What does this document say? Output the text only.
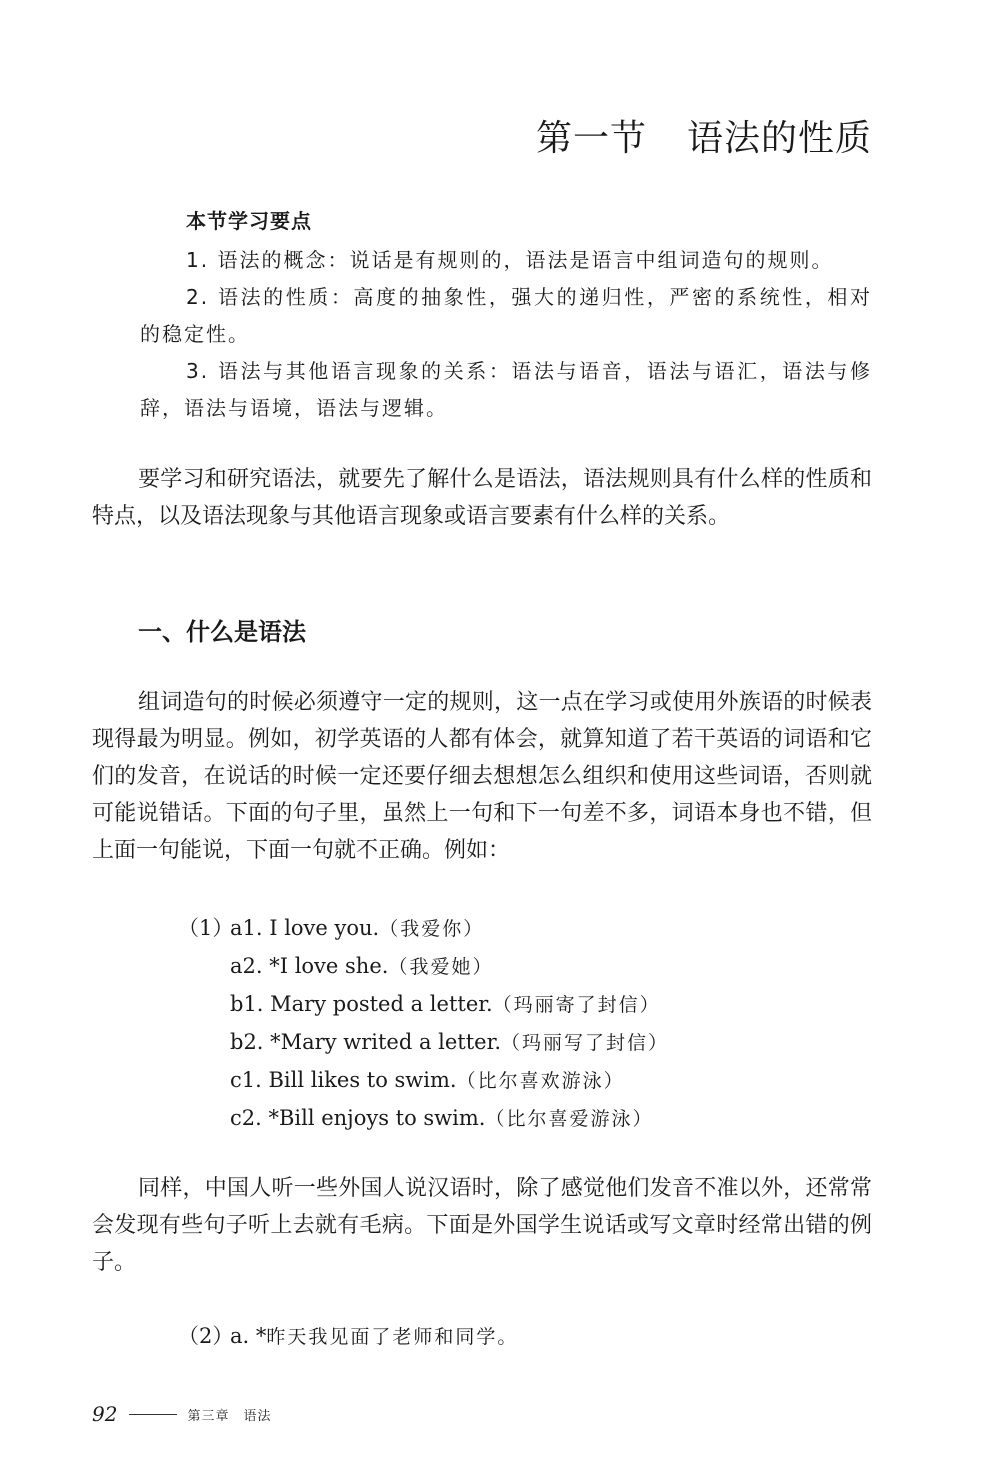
第一节 语法的性质
本节学习要点

1. 语法的概念：说话是有规则的，语法是语言中组词造句的规则。

2. 语法的性质：高度的抽象性，强大的递归性，严密的系统性，相对的稳定性。

3. 语法与其他语言现象的关系：语法与语音，语法与语汇，语法与修辞，语法与语境，语法与逻辑。

要学习和研究语法，就要先了解什么是语法，语法规则具有什么样的性质和特点，以及语法现象与其他语言现象或语言要素有什么样的关系。

一、什么是语法

组词造句的时候必须遵守一定的规则，这一点在学习或使用外族语的时候表现得最为明显。例如，初学英语的人都有体会，就算知道了若干英语的词语和它们的发音，在说话的时候一定还要仔细去想想怎么组织和使用这些词语，否则就可能说错话。下面的句子里，虽然上一句和下一句差不多，词语本身也不错，但上面一句能说，下面一句就不正确。例如：

（1）a1. I love you.（我爱你）

a2. *I love she.（我爱她）

b1. Mary posted a letter.（玛丽寄了封信）

b2. *Mary writed a letter.（玛丽写了封信）

c1. Bill likes to swim.（比尔喜欢游泳）

c2. *Bill enjoys to swim.（比尔喜爱游泳）

同样，中国人听一些外国人说汉语时，除了感觉他们发音不准以外，还常常会发现有些句子听上去就有毛病。下面是外国学生说话或写文章时经常出错的例子。

（2）a. *昨天我见面了老师和同学。
92	第三章　语法
